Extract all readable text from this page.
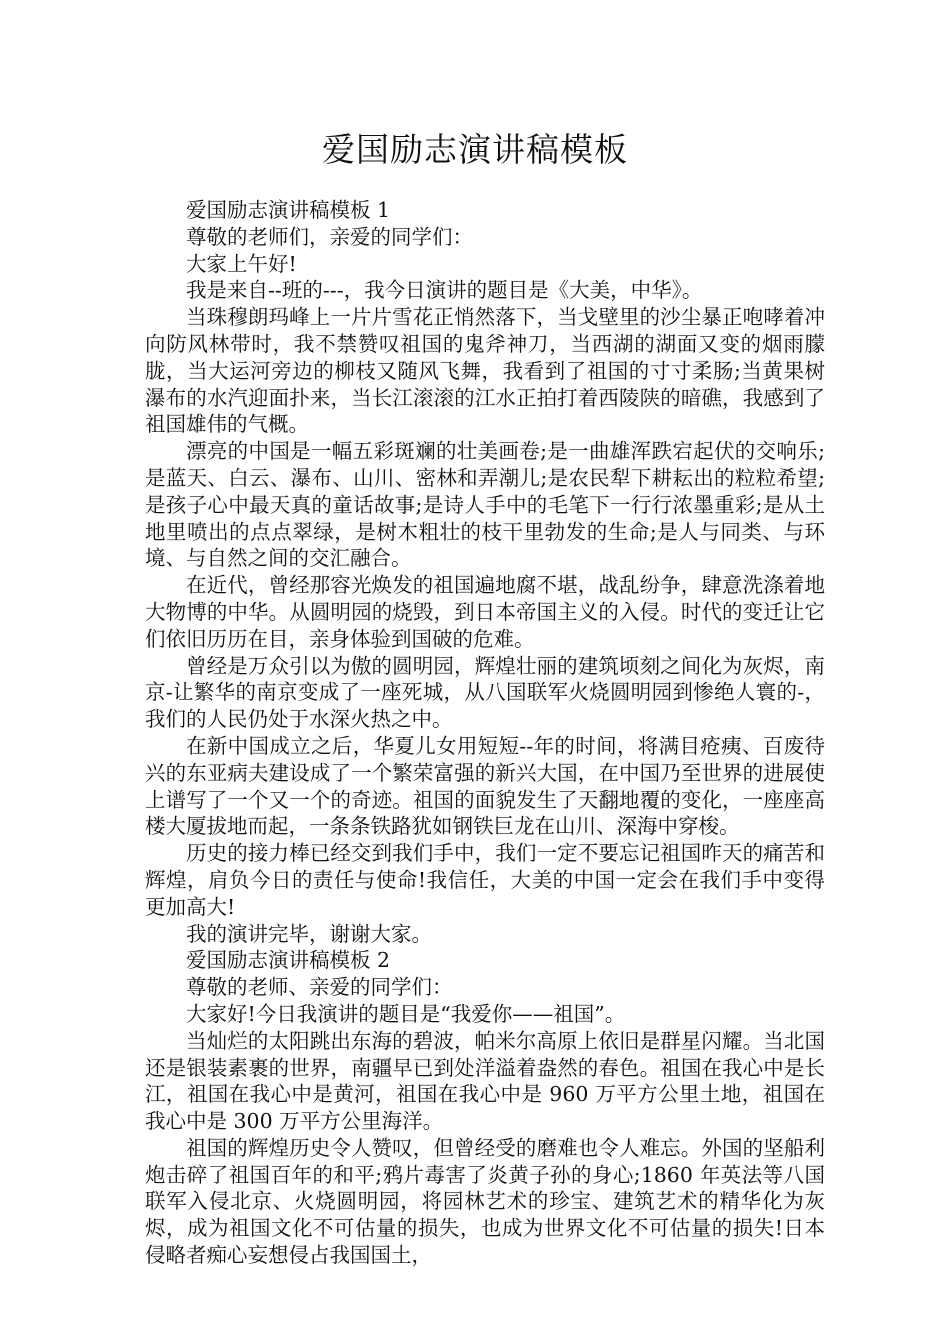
爱国励志演讲稿模板

爱国励志演讲稿模板 1

尊敬的老师们，亲爱的同学们：

大家上午好!

我是来自--班的---，我今日演讲的题目是《大美，中华》。

当珠穆朗玛峰上一片片雪花正悄然落下，当戈壁里的沙尘暴正咆哮着冲向防风林带时，我不禁赞叹祖国的鬼斧神刀，当西湖的湖面又变的烟雨朦胧，当大运河旁边的柳枝又随风飞舞，我看到了祖国的寸寸柔肠;当黄果树瀑布的水汽迎面扑来，当长江滚滚的江水正拍打着西陵陕的暗礁，我感到了祖国雄伟的气概。

漂亮的中国是一幅五彩斑斓的壮美画卷;是一曲雄浑跌宕起伏的交响乐;是蓝天、白云、瀑布、山川、密林和弄潮儿;是农民犁下耕耘出的粒粒希望;是孩子心中最天真的童话故事;是诗人手中的毛笔下一行行浓墨重彩;是从土地里喷出的点点翠绿，是树木粗壮的枝干里勃发的生命;是人与同类、与环境、与自然之间的交汇融合。

在近代，曾经那容光焕发的祖国遍地腐不堪，战乱纷争，肆意洗涤着地大物博的中华。从圆明园的烧毁，到日本帝国主义的入侵。时代的变迁让它们依旧历历在目，亲身体验到国破的危难。

曾经是万众引以为傲的圆明园，辉煌壮丽的建筑顷刻之间化为灰烬，南京-让繁华的南京变成了一座死城，从八国联军火烧圆明园到惨绝人寰的-，我们的人民仍处于水深火热之中。

在新中国成立之后，华夏儿女用短短--年的时间，将满目疮痍、百废待兴的东亚病夫建设成了一个繁荣富强的新兴大国，在中国乃至世界的进展使上谱写了一个又一个的奇迹。祖国的面貌发生了天翻地覆的变化，一座座高楼大厦拔地而起，一条条铁路犹如钢铁巨龙在山川、深海中穿梭。

历史的接力棒已经交到我们手中，我们一定不要忘记祖国昨天的痛苦和辉煌，肩负今日的责任与使命!我信任，大美的中国一定会在我们手中变得更加高大!

我的演讲完毕，谢谢大家。

爱国励志演讲稿模板 2

尊敬的老师、亲爱的同学们：

大家好!今日我演讲的题目是“我爱你——祖国”。

当灿烂的太阳跳出东海的碧波，帕米尔高原上依旧是群星闪耀。当北国还是银装素裹的世界，南疆早已到处洋溢着盎然的春色。祖国在我心中是长江，祖国在我心中是黄河，祖国在我心中是 960 万平方公里土地，祖国在我心中是 300 万平方公里海洋。

祖国的辉煌历史令人赞叹，但曾经受的磨难也令人难忘。外国的坚船利炮击碎了祖国百年的和平;鸦片毒害了炎黄子孙的身心;1860 年英法等八国联军入侵北京、火烧圆明园，将园林艺术的珍宝、建筑艺术的精华化为灰烬，成为祖国文化不可估量的损失，也成为世界文化不可估量的损失!日本侵略者痴心妄想侵占我国国土，
